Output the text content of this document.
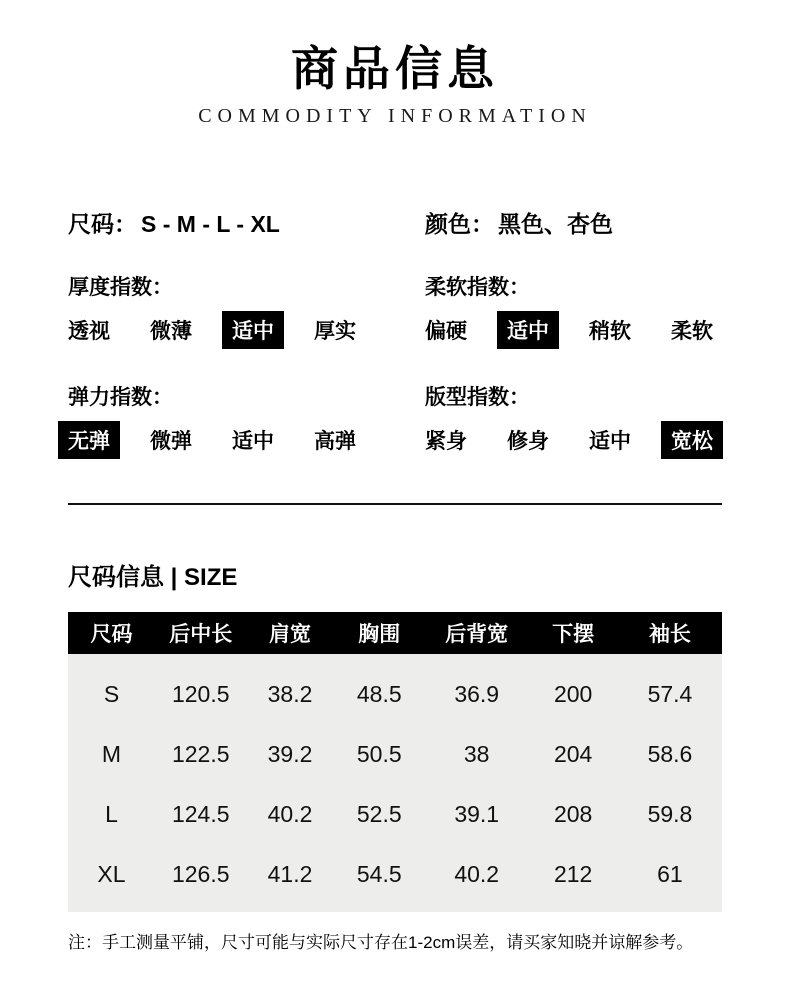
商品信息
COMMODITY INFORMATION
尺码： S - M - L - XL	颜色： 黑色、杏色
厚度指数：
透视 微薄	适中	厚实
柔软指数：
偏硬	适中	稍软 柔软
弹力指数：
无弹	微弹 适中 高弹
版型指数：
紧身 修身 适中	宽松
尺码信息 | SIZE
尺码	后中长	肩宽	胸围	后背宽	下摆	袖长
S	120.5	38.2	48.5	36.9	200	57.4
M	122.5	39.2	50.5	38	204	58.6
L	124.5	40.2	52.5	39.1	208	59.8
XL	126.5	41.2	54.5	40.2	212	61
注：手工测量平铺，尺寸可能与实际尺寸存在1-2cm误差，请买家知晓并谅解参考。
